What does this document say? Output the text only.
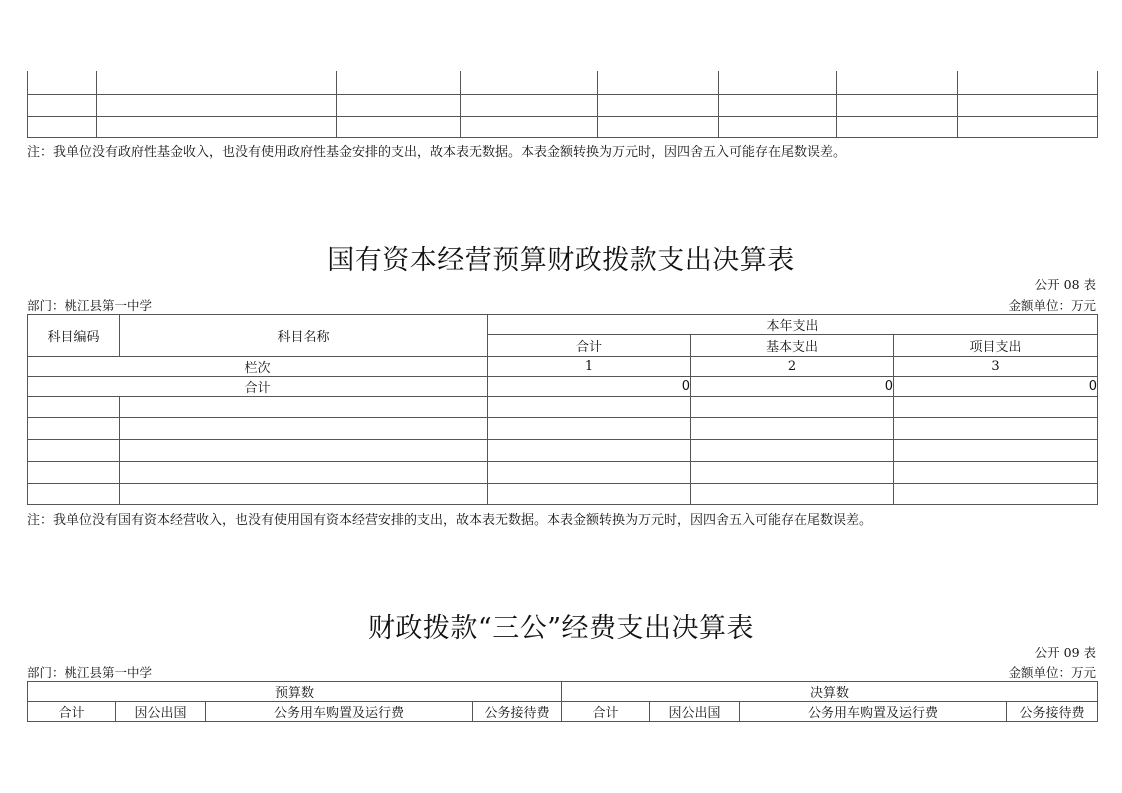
注：我单位没有政府性基金收入，也没有使用政府性基金安排的支出，故本表无数据。本表金额转换为万元时，因四舍五入可能存在尾数误差。
国有资本经营预算财政拨款支出决算表
公开 08 表
部门：桃江县第一中学	金额单位：万元
科目编码	科目名称	本年支出		
		合计	基本支出	项目支出
栏次		1	2	3
合计		0	0	0

注：我单位没有国有资本经营收入，也没有使用国有资本经营安排的支出，故本表无数据。本表金额转换为万元时，因四舍五入可能存在尾数误差。
财政拨款“三公”经费支出决算表
公开 09 表
部门：桃江县第一中学	金额单位：万元
预算数				决算数			
合计	因公出国	公务用车购置及运行费	公务接待费	合计	因公出国	公务用车购置及运行费	公务接待费
